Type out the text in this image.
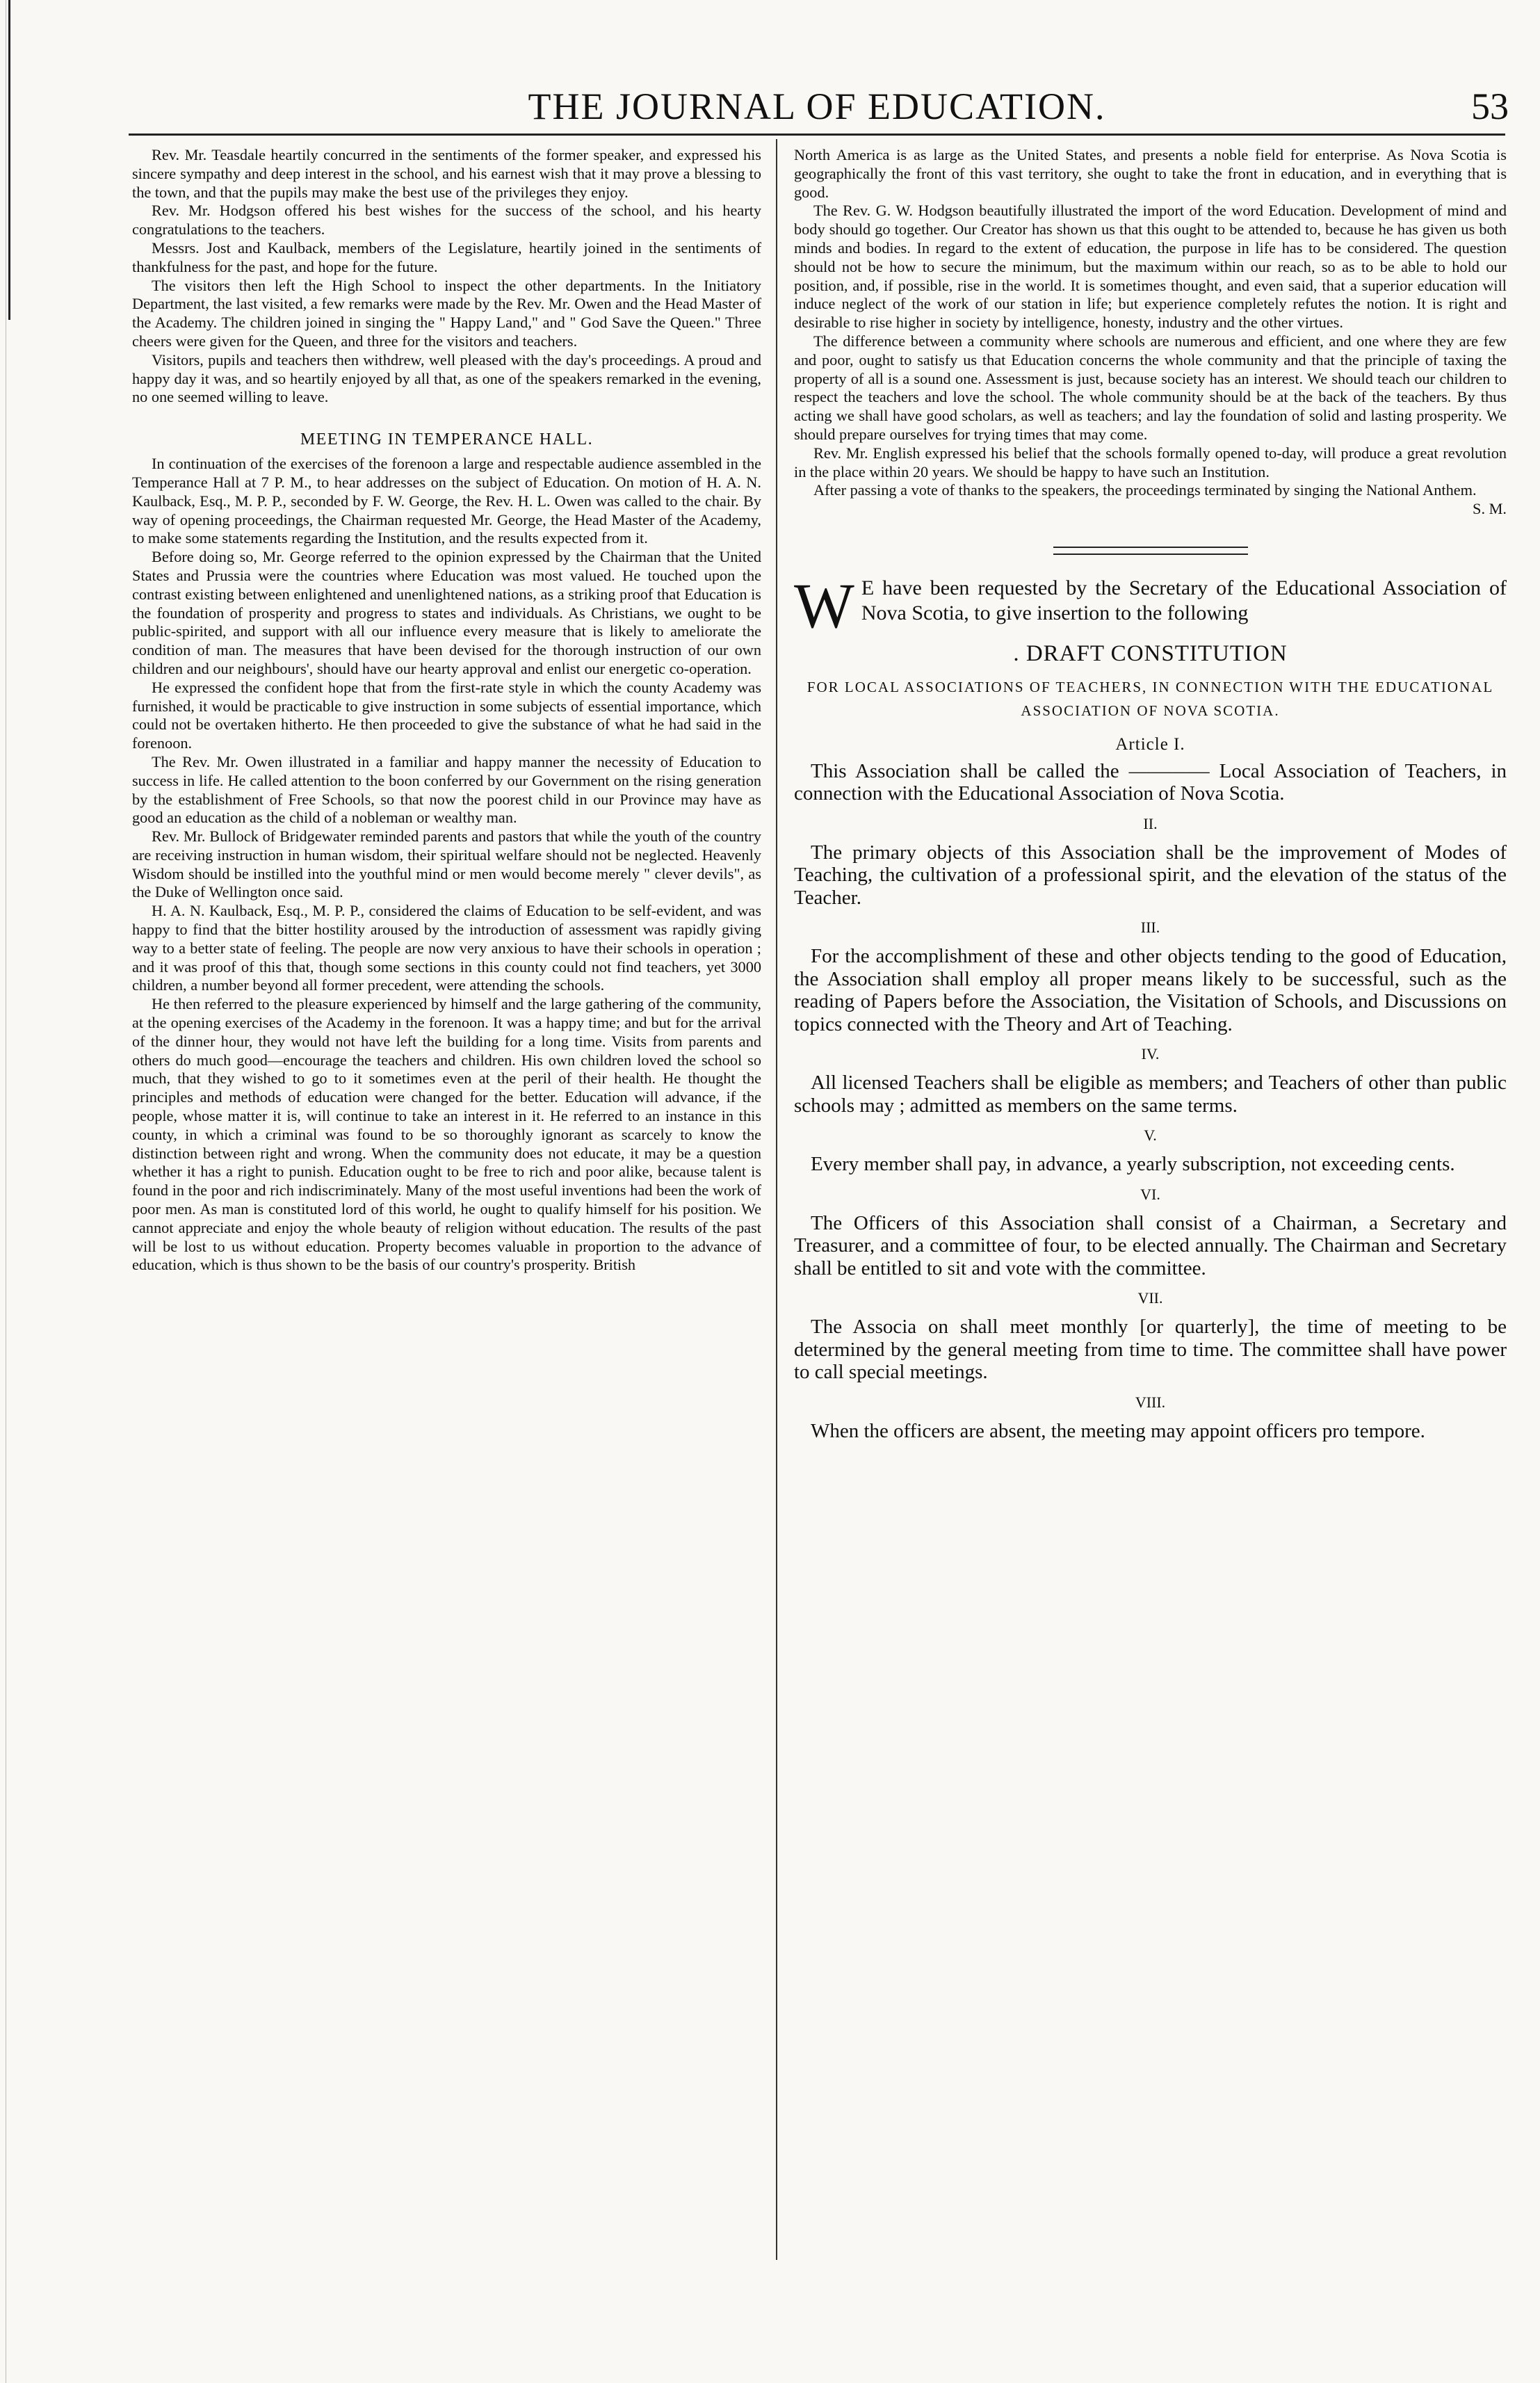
THE JOURNAL OF EDUCATION.	53

Rev. Mr. Teasdale heartily concurred in the sentiments of the former speaker, and expressed his sincere sympathy and deep interest in the school, and his earnest wish that it may prove a blessing to the town, and that the pupils may make the best use of the privileges they enjoy.

Rev. Mr. Hodgson offered his best wishes for the success of the school, and his hearty congratulations to the teachers.

Messrs. Jost and Kaulback, members of the Legislature, heartily joined in the sentiments of thankfulness for the past, and hope for the future.

The visitors then left the High School to inspect the other departments. In the Initiatory Department, the last visited, a few remarks were made by the Rev. Mr. Owen and the Head Master of the Academy. The children joined in singing the " Happy Land," and " God Save the Queen." Three cheers were given for the Queen, and three for the visitors and teachers.

Visitors, pupils and teachers then withdrew, well pleased with the day's proceedings. A proud and happy day it was, and so heartily enjoyed by all that, as one of the speakers remarked in the evening, no one seemed willing to leave.

MEETING IN TEMPERANCE HALL.

In continuation of the exercises of the forenoon a large and respectable audience assembled in the Temperance Hall at 7 P. M., to hear addresses on the subject of Education. On motion of H. A. N. Kaulback, Esq., M. P. P., seconded by F. W. George, the Rev. H. L. Owen was called to the chair. By way of opening proceedings, the Chairman requested Mr. George, the Head Master of the Academy, to make some statements regarding the Institution, and the results expected from it.

Before doing so, Mr. George referred to the opinion expressed by the Chairman that the United States and Prussia were the countries where Education was most valued. He touched upon the contrast existing between enlightened and unenlightened nations, as a striking proof that Education is the foundation of prosperity and progress to states and individuals. As Christians, we ought to be public-spirited, and support with all our influence every measure that is likely to ameliorate the condition of man. The measures that have been devised for the thorough instruction of our own children and our neighbours', should have our hearty approval and enlist our energetic co-operation.

He expressed the confident hope that from the first-rate style in which the county Academy was furnished, it would be practicable to give instruction in some subjects of essential importance, which could not be overtaken hitherto. He then proceeded to give the substance of what he had said in the forenoon.

The Rev. Mr. Owen illustrated in a familiar and happy manner the necessity of Education to success in life. He called attention to the boon conferred by our Government on the rising generation by the establishment of Free Schools, so that now the poorest child in our Province may have as good an education as the child of a nobleman or wealthy man.

Rev. Mr. Bullock of Bridgewater reminded parents and pastors that while the youth of the country are receiving instruction in human wisdom, their spiritual welfare should not be neglected. Heavenly Wisdom should be instilled into the youthful mind or men would become merely " clever devils", as the Duke of Wellington once said.

H. A. N. Kaulback, Esq., M. P. P., considered the claims of Education to be self-evident, and was happy to find that the bitter hostility aroused by the introduction of assessment was rapidly giving way to a better state of feeling. The people are now very anxious to have their schools in operation ; and it was proof of this that, though some sections in this county could not find teachers, yet 3000 children, a number beyond all former precedent, were attending the schools.

He then referred to the pleasure experienced by himself and the large gathering of the community, at the opening exercises of the Academy in the forenoon. It was a happy time; and but for the arrival of the dinner hour, they would not have left the building for a long time. Visits from parents and others do much good—encourage the teachers and children. His own children loved the school so much, that they wished to go to it sometimes even at the peril of their health. He thought the principles and methods of education were changed for the better. Education will advance, if the people, whose matter it is, will continue to take an interest in it. He referred to an instance in this county, in which a criminal was found to be so thoroughly ignorant as scarcely to know the distinction between right and wrong. When the community does not educate, it may be a question whether it has a right to punish. Education ought to be free to rich and poor alike, because talent is found in the poor and rich indiscriminately. Many of the most useful inventions had been the work of poor men. As man is constituted lord of this world, he ought to qualify himself for his position. We cannot appreciate and enjoy the whole beauty of religion without education. The results of the past will be lost to us without education. Property becomes valuable in proportion to the advance of education, which is thus shown to be the basis of our country's prosperity. British

North America is as large as the United States, and presents a noble field for enterprise. As Nova Scotia is geographically the front of this vast territory, she ought to take the front in education, and in everything that is good.

The Rev. G. W. Hodgson beautifully illustrated the import of the word Education. Development of mind and body should go together. Our Creator has shown us that this ought to be attended to, because he has given us both minds and bodies. In regard to the extent of education, the purpose in life has to be considered. The question should not be how to secure the minimum, but the maximum within our reach, so as to be able to hold our position, and, if possible, rise in the world. It is sometimes thought, and even said, that a superior education will induce neglect of the work of our station in life; but experience completely refutes the notion. It is right and desirable to rise higher in society by intelligence, honesty, industry and the other virtues.

The difference between a community where schools are numerous and efficient, and one where they are few and poor, ought to satisfy us that Education concerns the whole community and that the principle of taxing the property of all is a sound one. Assessment is just, because society has an interest. We should teach our children to respect the teachers and love the school. The whole community should be at the back of the teachers. By thus acting we shall have good scholars, as well as teachers; and lay the foundation of solid and lasting prosperity. We should prepare ourselves for trying times that may come.

Rev. Mr. English expressed his belief that the schools formally opened to-day, will produce a great revolution in the place within 20 years. We should be happy to have such an Institution.

After passing a vote of thanks to the speakers, the proceedings terminated by singing the National Anthem.
S. M.

W E have been requested by the Secretary of the Educational Association of Nova Scotia, to give insertion to the following

. DRAFT CONSTITUTION
FOR LOCAL ASSOCIATIONS OF TEACHERS, IN CONNECTION WITH THE EDUCATIONAL ASSOCIATION OF NOVA SCOTIA.
Article I.

This Association shall be called the ———— Local Association of Teachers, in connection with the Educational Association of Nova Scotia.

II.

The primary objects of this Association shall be the improvement of Modes of Teaching, the cultivation of a professional spirit, and the elevation of the status of the Teacher.

III.

For the accomplishment of these and other objects tending to the good of Education, the Association shall employ all proper means likely to be successful, such as the reading of Papers before the Association, the Visitation of Schools, and Discussions on topics connected with the Theory and Art of Teaching.

IV.

All licensed Teachers shall be eligible as members; and Teachers of other than public schools may ; admitted as members on the same terms.

V.

Every member shall pay, in advance, a yearly subscription, not exceeding cents.

VI.

The Officers of this Association shall consist of a Chairman, a Secretary and Treasurer, and a committee of four, to be elected annually. The Chairman and Secretary shall be entitled to sit and vote with the committee.

VII.

The Associa on shall meet monthly [or quarterly], the time of meeting to be determined by the general meeting from time to time. The committee shall have power to call special meetings.

VIII.

When the officers are absent, the meeting may appoint officers pro tempore.
